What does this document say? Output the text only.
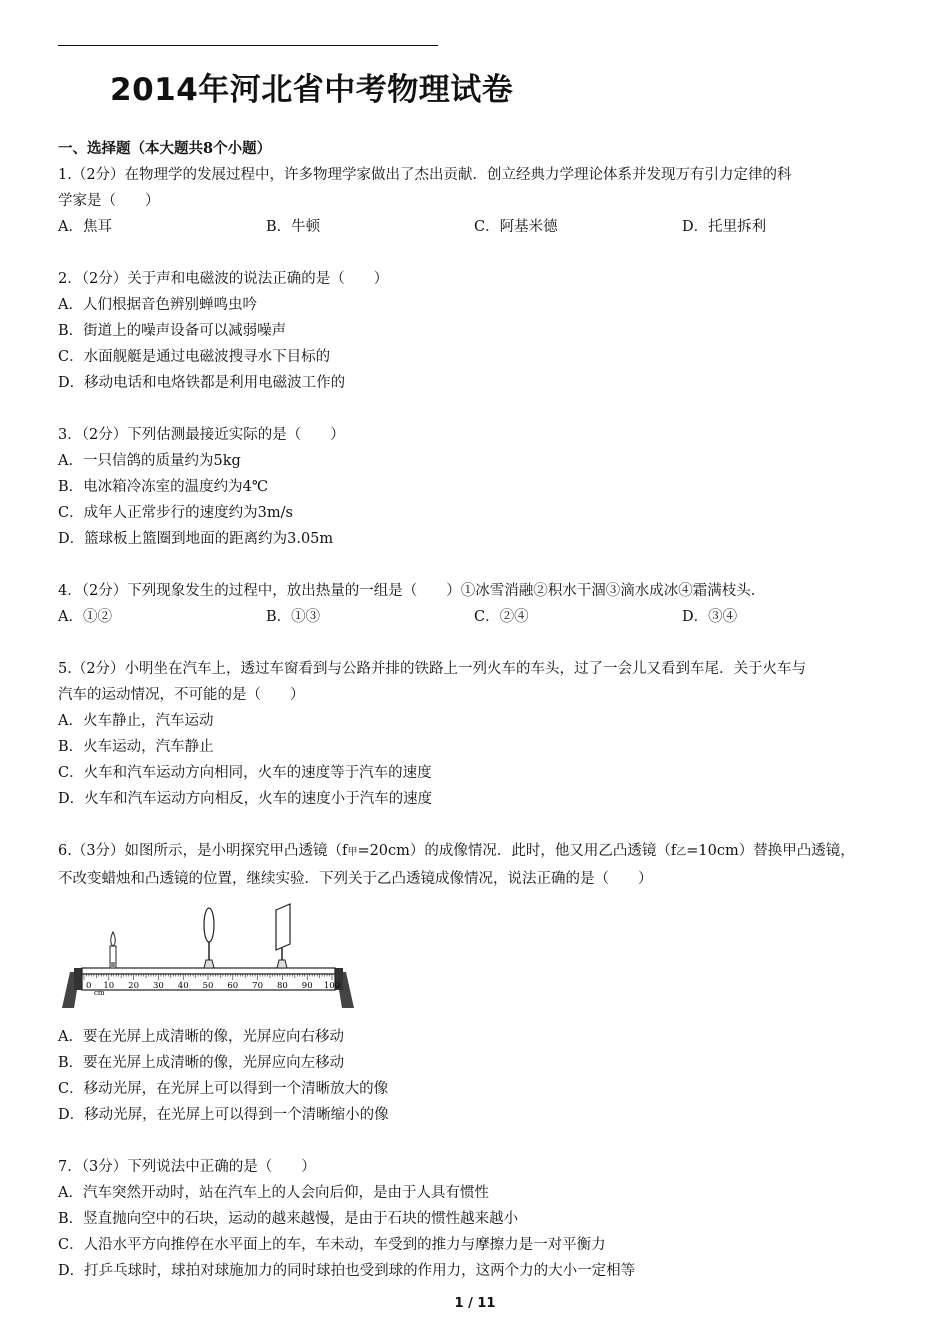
2014年河北省中考物理试卷
一、选择题（本大题共8个小题）
1.（2分）在物理学的发展过程中，许多物理学家做出了杰出贡献．创立经典力学理论体系并发现万有引力定律的科
学家是（　　）
A．焦耳	B．牛顿	C．阿基米德	D．托里拆利
2．（2分）关于声和电磁波的说法正确的是（　　）
A．人们根据音色辨别蝉鸣虫吟
B．街道上的噪声设备可以减弱噪声
C．水面舰艇是通过电磁波搜寻水下目标的
D．移动电话和电烙铁都是利用电磁波工作的
3．（2分）下列估测最接近实际的是（　　）
A．一只信鸽的质量约为5kg
B．电冰箱冷冻室的温度约为4℃
C．成年人正常步行的速度约为3m/s
D．篮球板上篮圈到地面的距离约为3.05m
4．（2分）下列现象发生的过程中，放出热量的一组是（　　）①冰雪消融②积水干涸③滴水成冰④霜满枝头．
A．①②	B．①③	C．②④	D．③④
5.（2分）小明坐在汽车上，透过车窗看到与公路并排的铁路上一列火车的车头，过了一会儿又看到车尾．关于火车与
汽车的运动情况，不可能的是（　　）
A．火车静止，汽车运动
B．火车运动，汽车静止
C．火车和汽车运动方向相同，火车的速度等于汽车的速度
D．火车和汽车运动方向相反，火车的速度小于汽车的速度
6.（3分）如图所示，是小明探究甲凸透镜（f甲=20cm）的成像情况．此时，他又用乙凸透镜（f乙=10cm）替换甲凸透镜，
不改变蜡烛和凸透镜的位置，继续实验．下列关于乙凸透镜成像情况，说法正确的是（　　）
0 10 20 30 40 50 60 70 80 90 100
cm
A．要在光屏上成清晰的像，光屏应向右移动
B．要在光屏上成清晰的像，光屏应向左移动
C．移动光屏，在光屏上可以得到一个清晰放大的像
D．移动光屏，在光屏上可以得到一个清晰缩小的像
7．（3分）下列说法中正确的是（　　）
A．汽车突然开动时，站在汽车上的人会向后仰，是由于人具有惯性
B．竖直抛向空中的石块，运动的越来越慢，是由于石块的惯性越来越小
C．人沿水平方向推停在水平面上的车，车未动，车受到的推力与摩擦力是一对平衡力
D．打乒乓球时，球拍对球施加力的同时球拍也受到球的作用力，这两个力的大小一定相等
1 / 11
